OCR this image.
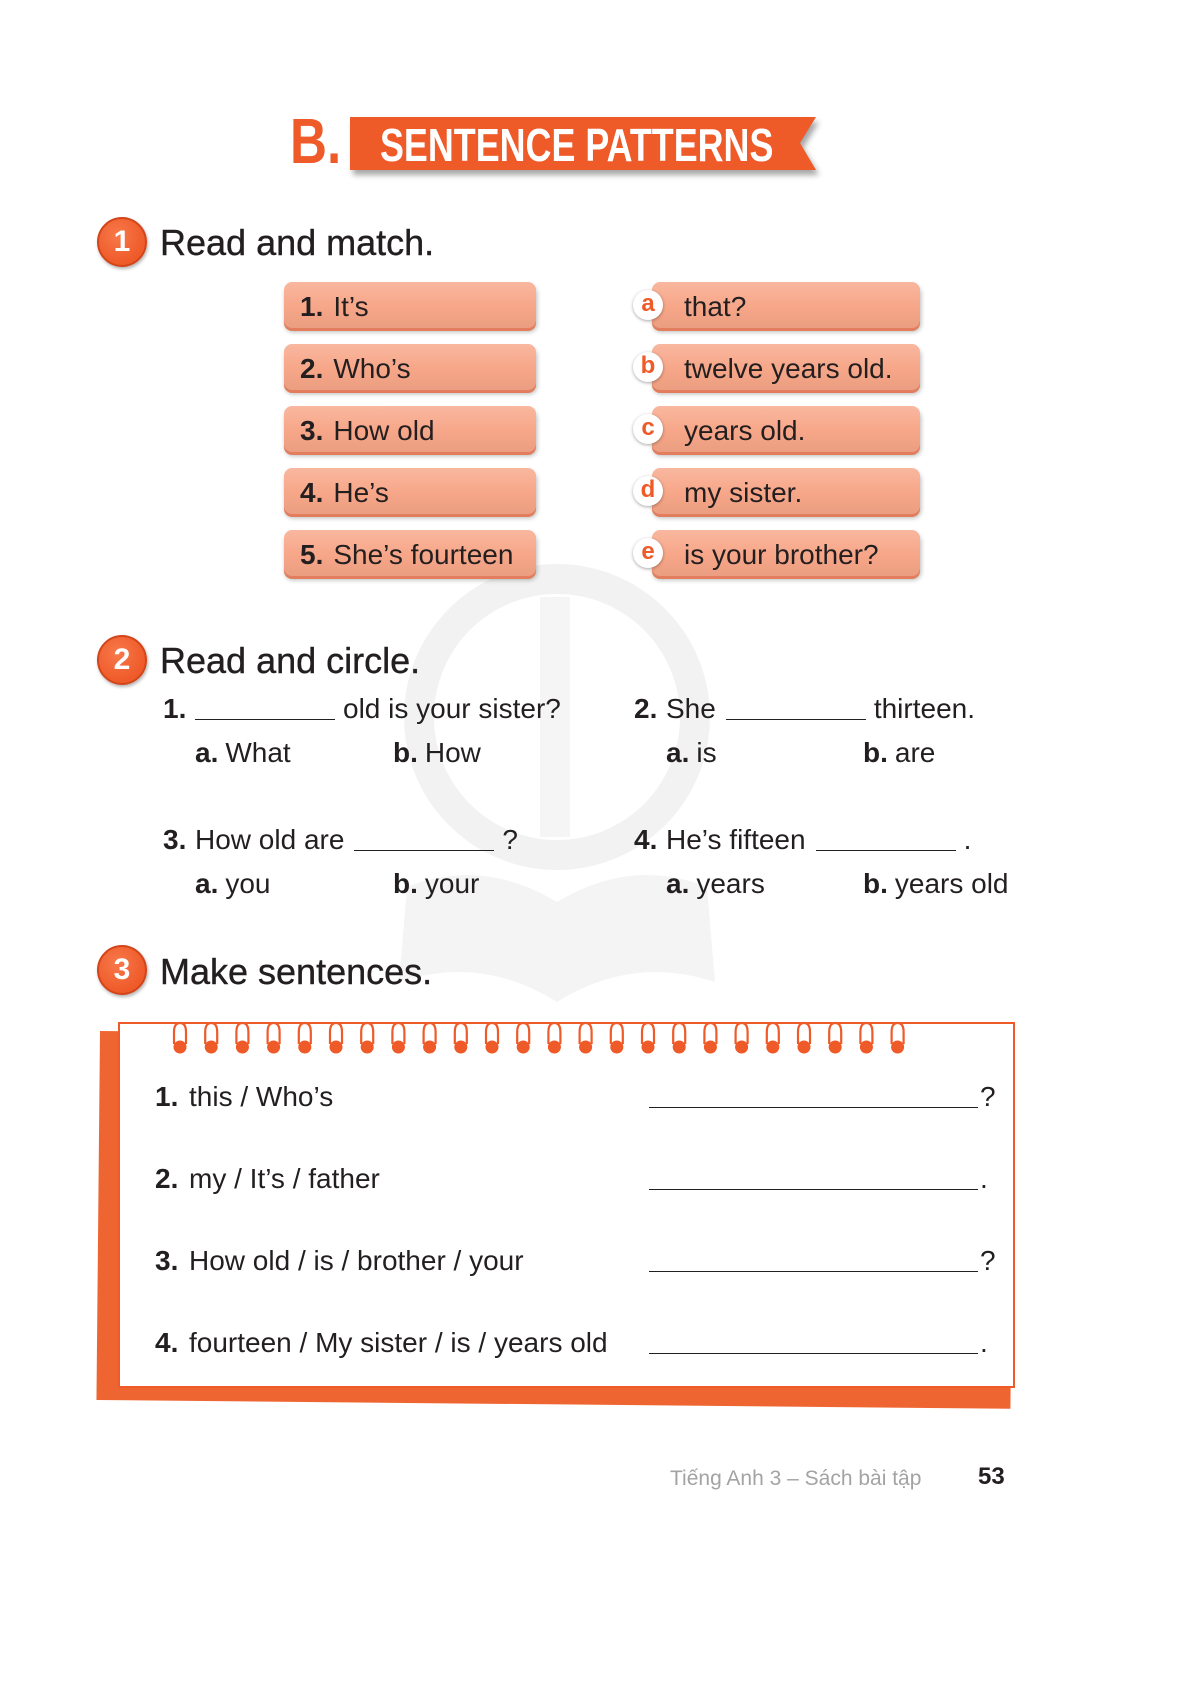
B. SENTENCE PATTERNS
1 Read and match.
1. It’s
2. Who’s
3. How old
4. He’s
5. She’s fourteen
that?
a
twelve years old.
b
years old.
c
my sister.
d
is your brother?
e
2 Read and circle.
1.	old is your sister?
a. What	b. How
2. She	thirteen.
a. is	b. are
3. How old are	?
a. you	b. your
4. He’s fifteen	.
a. years	b. years old
3 Make sentences.
1. this / Who’s	?
2. my / It’s / father	.
3. How old / is / brother / your	?
4. fourteen / My sister / is / years old	.
Tiếng Anh 3 – Sách bài tập 53
